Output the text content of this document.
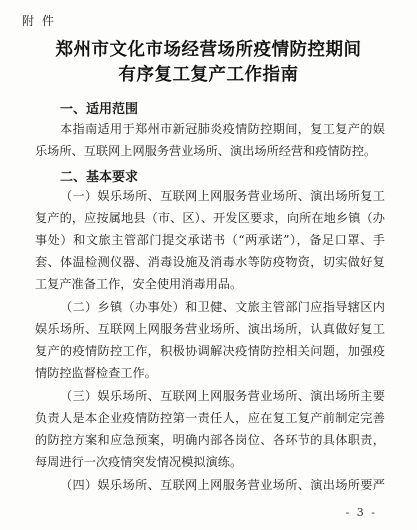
附件
郑州市文化市场经营场所疫情防控期间
有序复工复产工作指南
一、适用范围
本指南适用于郑州市新冠肺炎疫情防控期间，复工复产的娱
乐场所、互联网上网服务营业场所、演出场所经营和疫情防控。
二、基本要求
（一）娱乐场所、互联网上网服务营业场所、演出场所复工
复产的，应按属地县（市、区）、开发区要求，向所在地乡镇（办
事处）和文旅主管部门提交承诺书（“两承诺”），备足口罩、手
套、体温检测仪器、消毒设施及消毒水等防疫物资，切实做好复
工复产准备工作，安全使用消毒用品。
（二）乡镇（办事处）和卫健、文旅主管部门应指导辖区内
娱乐场所、互联网上网服务营业场所、演出场所，认真做好复工
复产的疫情防控工作，积极协调解决疫情防控相关问题，加强疫
情防控监督检查工作。
（三）娱乐场所、互联网上网服务营业场所、演出场所主要
负责人是本企业疫情防控第一责任人，应在复工复产前制定完善
的防控方案和应急预案，明确内部各岗位、各环节的具体职责，
每周进行一次疫情突发情况模拟演练。
（四）娱乐场所、互联网上网服务营业场所、演出场所要严
- 3 -
